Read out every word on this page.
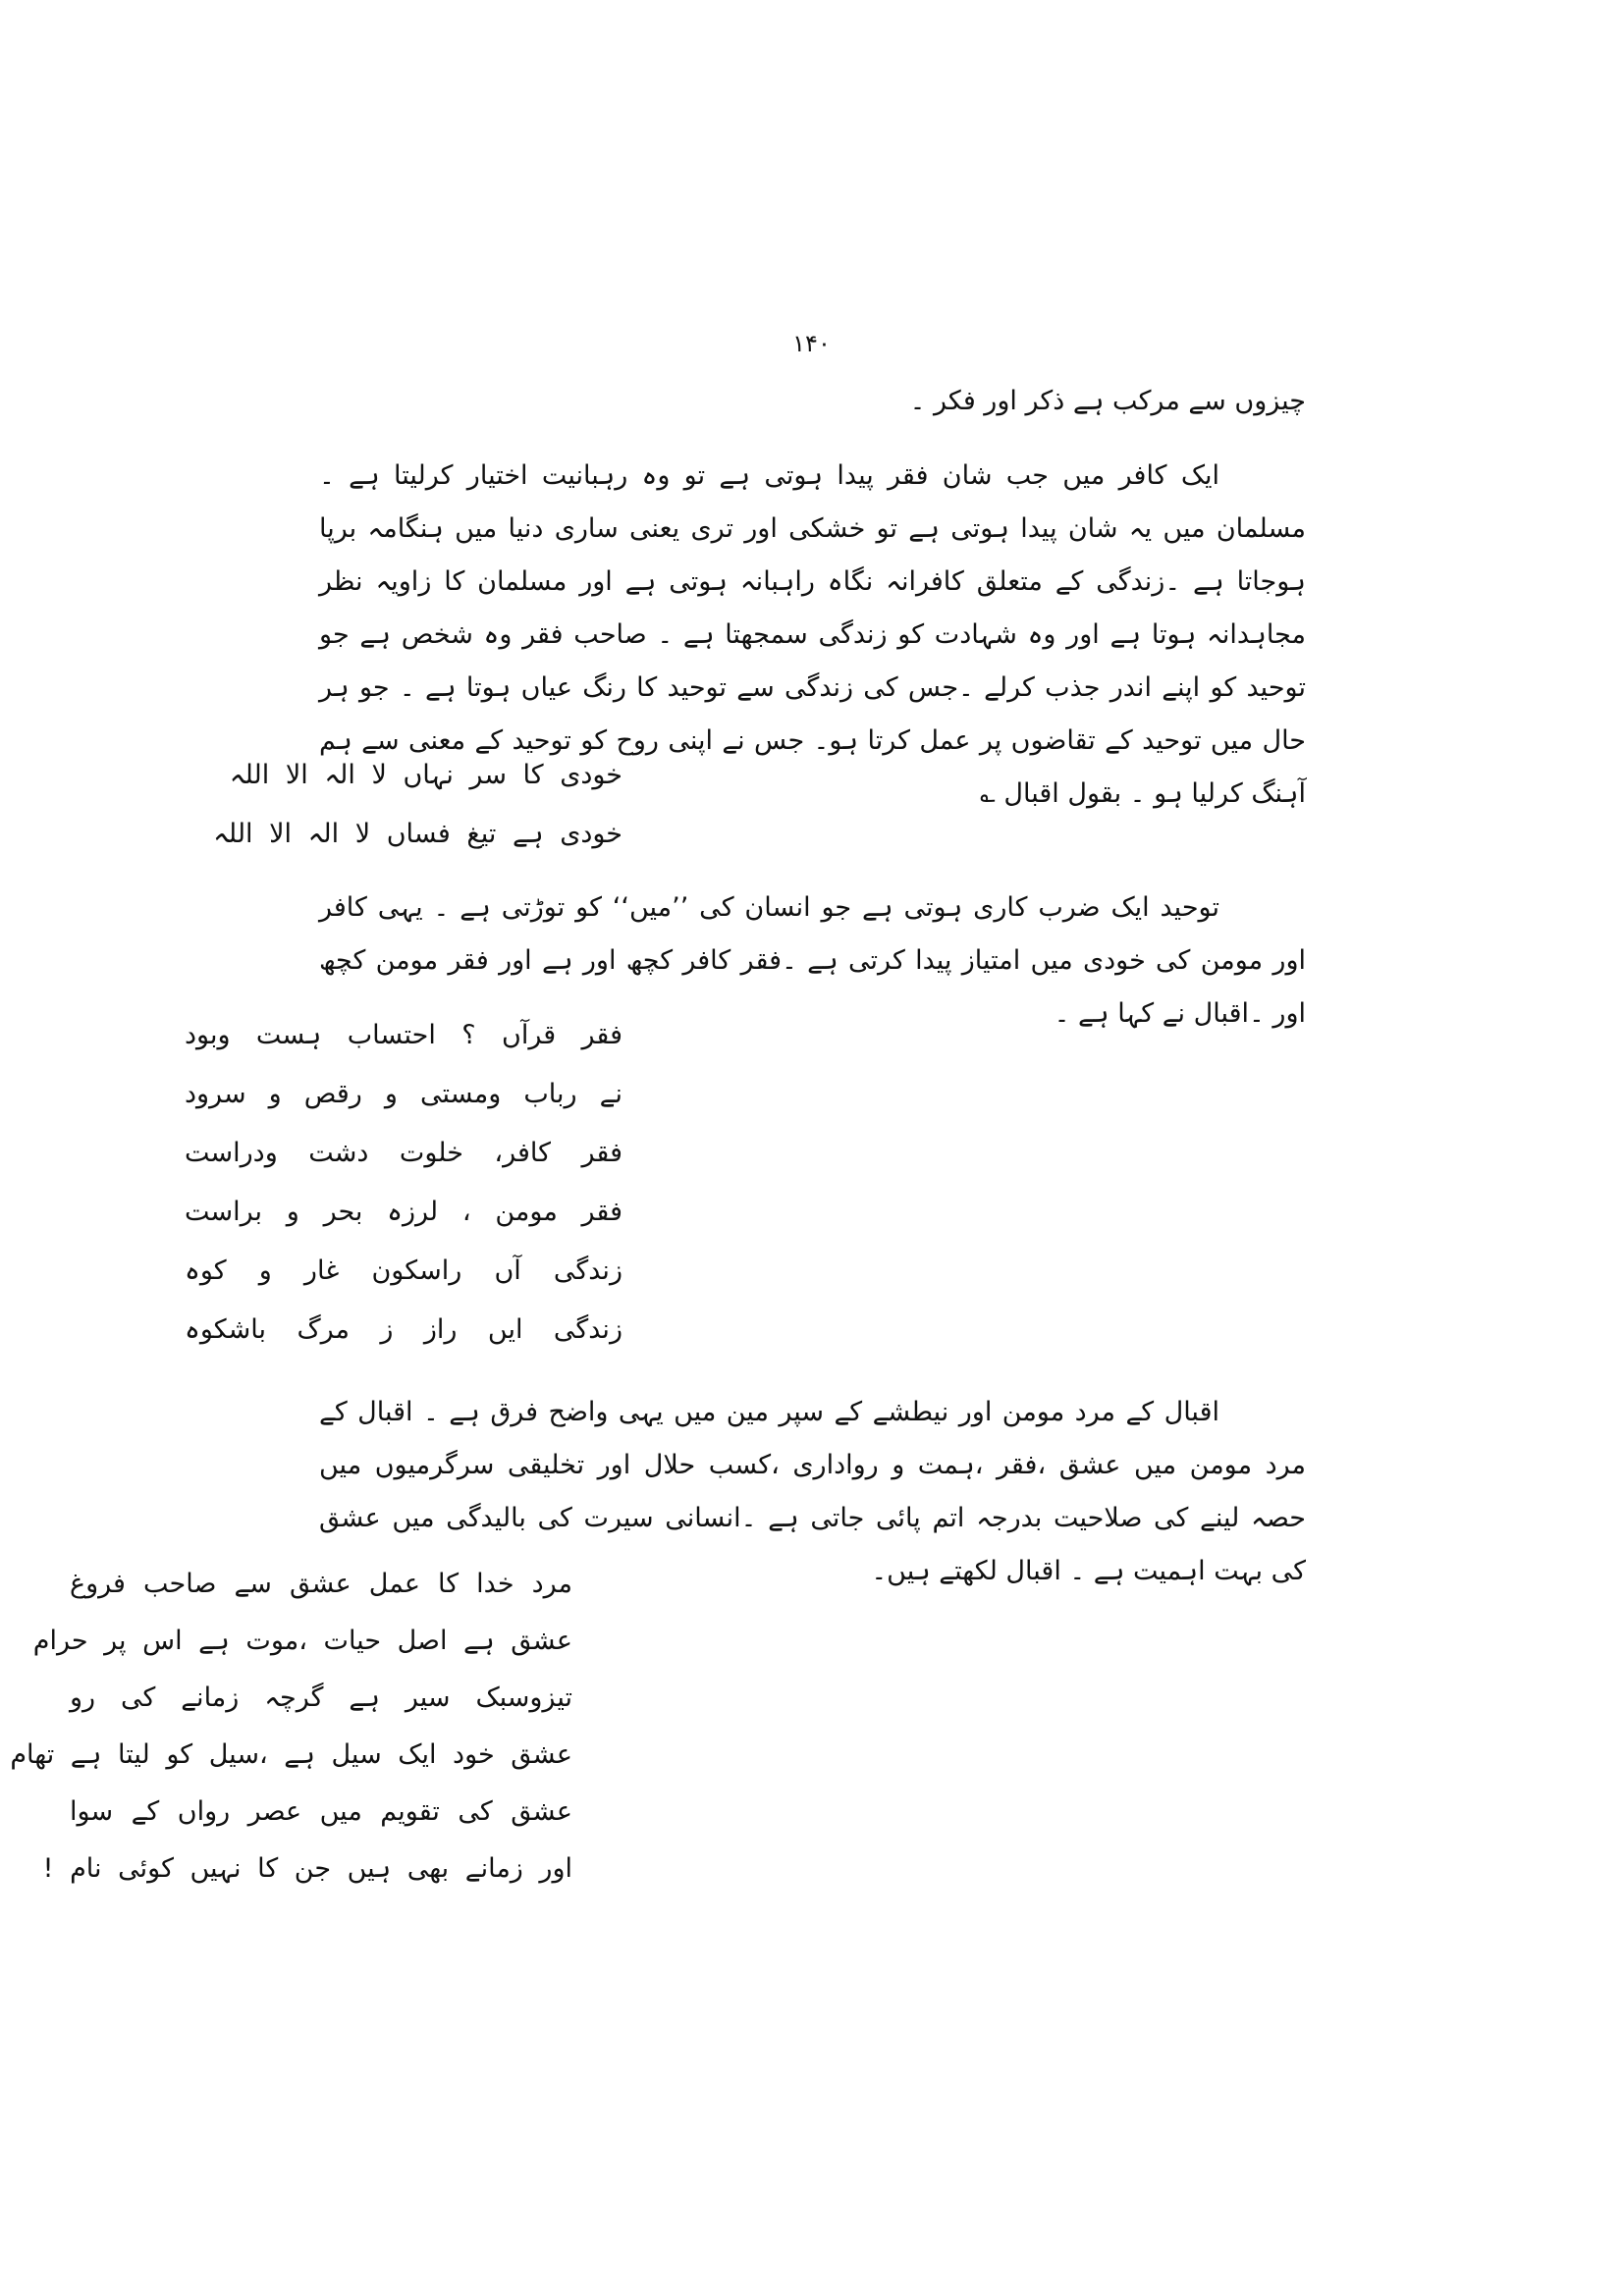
۱۴۰

چیزوں سے مرکب ہے ذکر اور فکر ۔

ایک کافر میں جب شان فقر پیدا ہوتی ہے تو وہ رہبانیت اختیار کرلیتا ہے ۔مسلمان میں یہ شان پیدا ہوتی ہے تو خشکی اور تری یعنی ساری دنیا میں ہنگامہ برپا ہوجاتا ہے ۔زندگی کے متعلق کافرانہ نگاہ راہبانہ ہوتی ہے اور مسلمان کا زاویہ نظر مجاہدانہ ہوتا ہے اور وہ شہادت کو زندگی سمجھتا ہے ۔ صاحب فقر وہ شخص ہے جو توحید کو اپنے اندر جذب کرلے ۔جس کی زندگی سے توحید کا رنگ عیاں ہوتا ہے ۔ جو ہر حال میں توحید کے تقاضوں پر عمل کرتا ہو۔ جس نے اپنی روح کو توحید کے معنی سے ہم آہنگ کرلیا ہو ۔ بقول اقبال ؎

خودی کا سر نہاں لا الہ الا اللہ
خودی ہے تیغ فساں لا الہ الا اللہ

توحید ایک ضرب کاری ہوتی ہے جو انسان کی ’’میں‘‘ کو توڑتی ہے ۔ یہی کافر اور مومن کی خودی میں امتیاز پیدا کرتی ہے ۔فقر کافر کچھ اور ہے اور فقر مومن کچھ اور ۔اقبال نے کہا ہے ۔

فقر قرآں ؟ احتساب ہست وبود
نے رباب ومستی و رقص و سرود
فقر کافر، خلوت دشت ودراست
فقر مومن ، لرزہ بحر و براست
زندگی آں راسکون غار و کوہ
زندگی ایں راز ز مرگ باشکوہ

اقبال کے مرد مومن اور نیطشے کے سپر مین میں یہی واضح فرق ہے ۔ اقبال کے مرد مومن میں عشق ،فقر ،ہمت و رواداری ،کسب حلال اور تخلیقی سرگرمیوں میں حصہ لینے کی صلاحیت بدرجہ اتم پائی جاتی ہے ۔انسانی سیرت کی بالیدگی میں عشق کی بہت اہمیت ہے ۔ اقبال لکھتے ہیں۔

مرد خدا کا عمل عشق سے صاحب فروغ
عشق ہے اصل حیات ،موت ہے اس پر حرام
تیزوسبک سیر ہے گرچہ زمانے کی رو
عشق خود ایک سیل ہے ،سیل کو لیتا ہے تھام
عشق کی تقویم میں عصر رواں کے سوا
اور زمانے بھی ہیں جن کا نہیں کوئی نام !
